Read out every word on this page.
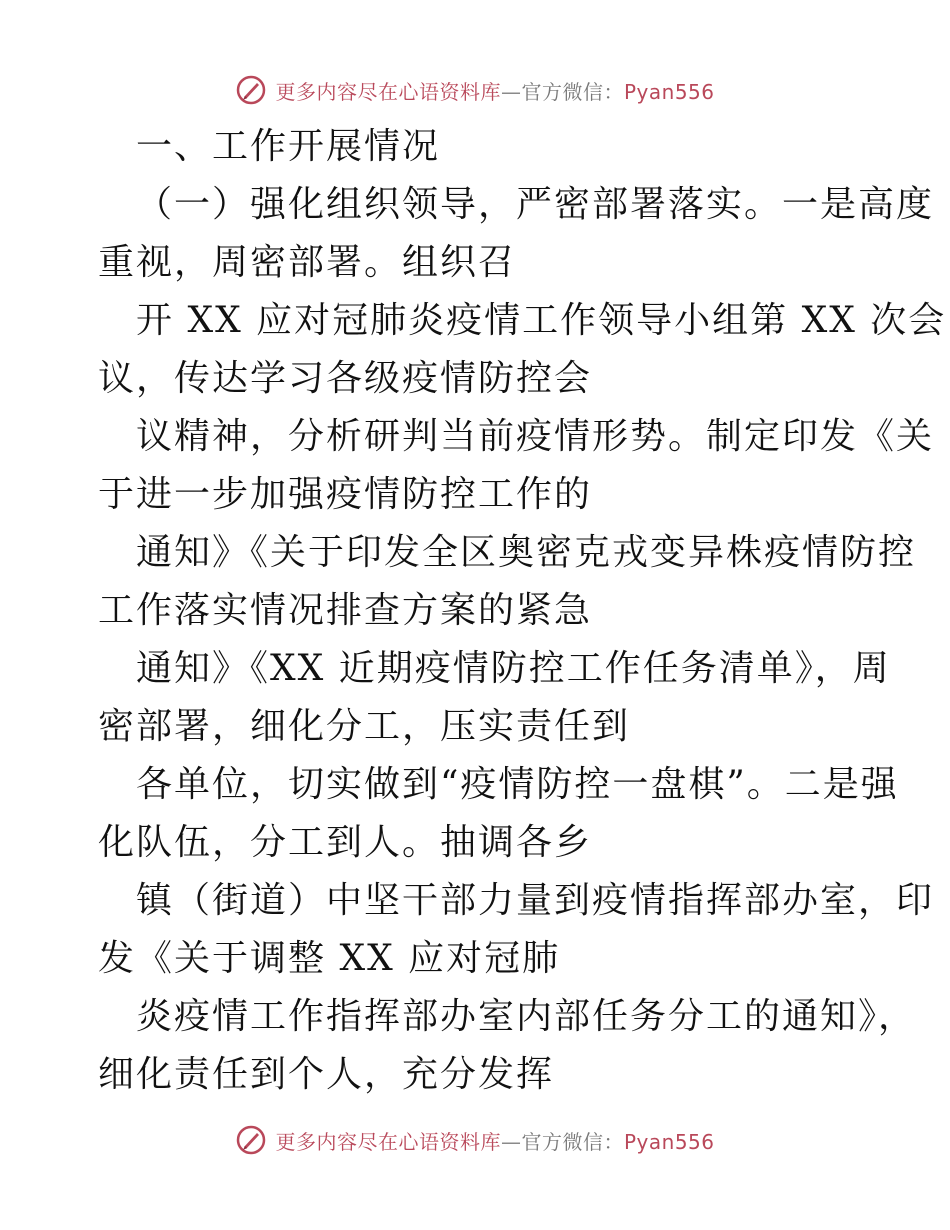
更多内容尽在心语资料库—官方微信：Pyan556
一、工作开展情况
（一）强化组织领导，严密部署落实。一是高度
重视，周密部署。组织召
开 XX 应对冠肺炎疫情工作领导小组第 XX 次会
议，传达学习各级疫情防控会
议精神，分析研判当前疫情形势。制定印发《关
于进一步加强疫情防控工作的
通知》《关于印发全区奥密克戎变异株疫情防控
工作落实情况排查方案的紧急
通知》《XX 近期疫情防控工作任务清单》，周
密部署，细化分工，压实责任到
各单位，切实做到“疫情防控一盘棋”。二是强
化队伍，分工到人。抽调各乡
镇（街道）中坚干部力量到疫情指挥部办室，印
发《关于调整 XX 应对冠肺
炎疫情工作指挥部办室内部任务分工的通知》，
细化责任到个人，充分发挥
更多内容尽在心语资料库—官方微信：Pyan556
